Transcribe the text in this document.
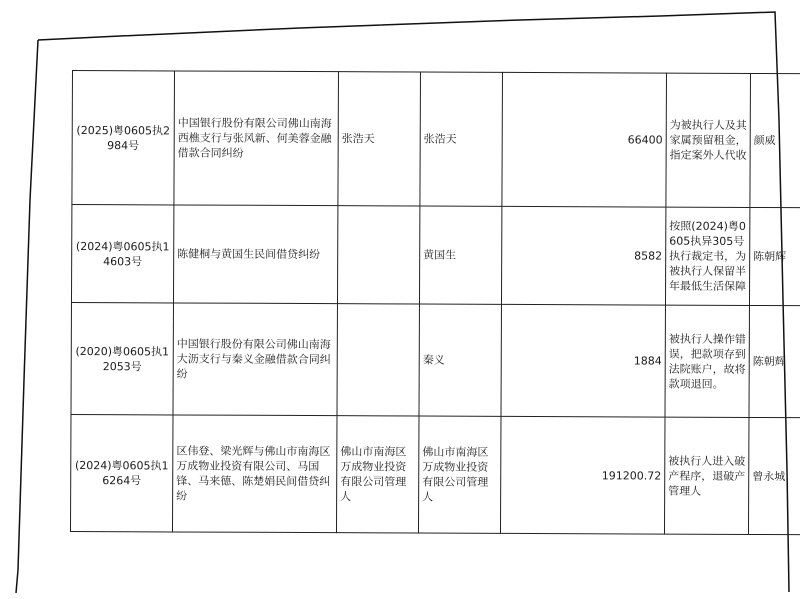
(2025)粤0605执2984号	中国银行股份有限公司佛山南海西樵支行与张风新、何美蓉金融借款合同纠纷	张浩天	张浩天	66400	为被执行人及其家属预留租金，指定案外人代收	颜威
(2024)粤0605执14603号	陈健桐与黄国生民间借贷纠纷		黄国生	8582	按照(2024)粤0605执异305号执行裁定书，为被执行人保留半年最低生活保障	陈朝辉
(2020)粤0605执12053号	中国银行股份有限公司佛山南海大沥支行与秦义金融借款合同纠纷		秦义	1884	被执行人操作错误，把款项存到法院账户，故将款项退回。	陈朝辉
(2024)粤0605执16264号	区伟登、梁光辉与佛山市南海区万成物业投资有限公司、马国锋、马来德、陈楚娟民间借贷纠纷	佛山市南海区万成物业投资有限公司管理人	佛山市南海区万成物业投资有限公司管理人	191200.72	被执行人进入破产程序，退破产管理人	曾永城
